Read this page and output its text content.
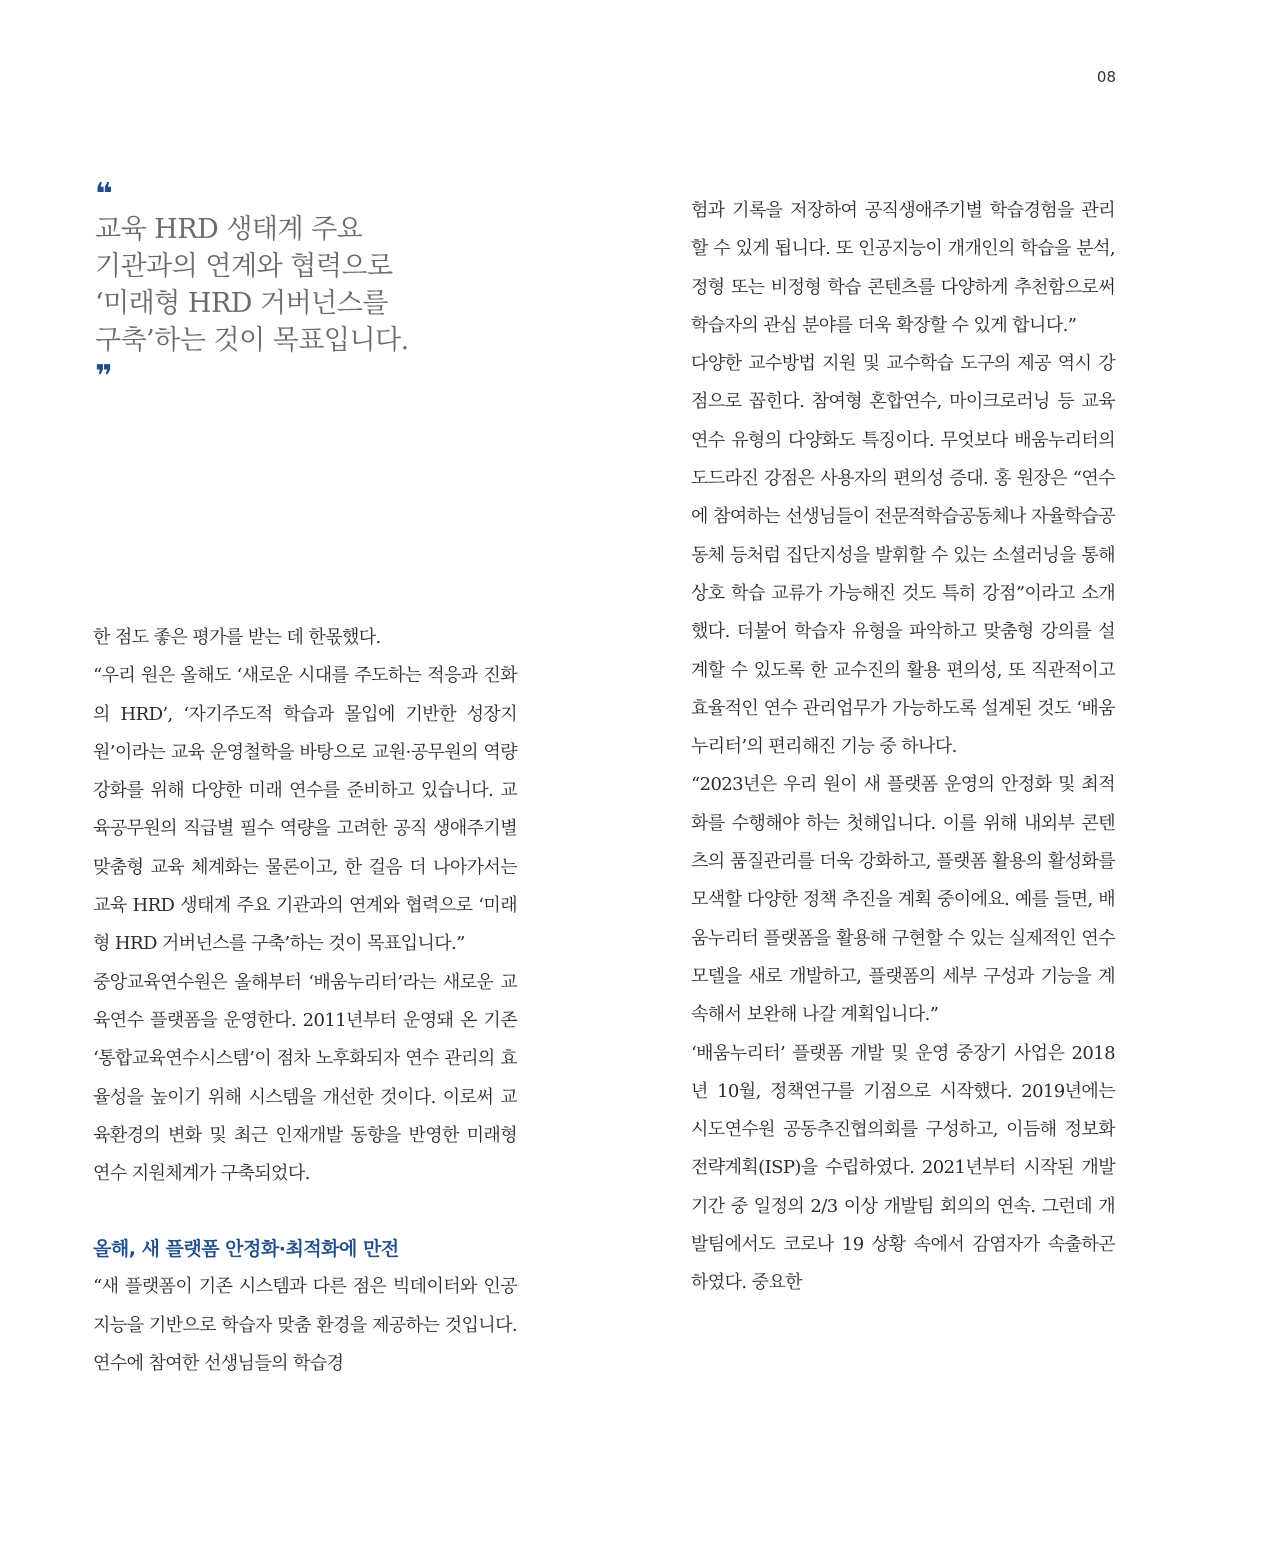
08
❝

교육 HRD 생태계 주요
기관과의 연계와 협력으로
‘미래형 HRD 거버넌스를
구축’하는 것이 목표입니다.

❞

한 점도 좋은 평가를 받는 데 한몫했다.

“우리 원은 올해도 ‘새로운 시대를 주도하는 적응과 진화의 HRD’, ‘자기주도적 학습과 몰입에 기반한 성장지원’이라는 교육 운영철학을 바탕으로 교원·공무원의 역량 강화를 위해 다양한 미래 연수를 준비하고 있습니다. 교육공무원의 직급별 필수 역량을 고려한 공직 생애주기별 맞춤형 교육 체계화는 물론이고, 한 걸음 더 나아가서는 교육 HRD 생태계 주요 기관과의 연계와 협력으로 ‘미래형 HRD 거버넌스를 구축’하는 것이 목표입니다.”

중앙교육연수원은 올해부터 ‘배움누리터’라는 새로운 교육연수 플랫폼을 운영한다. 2011년부터 운영돼 온 기존 ‘통합교육연수시스템’이 점차 노후화되자 연수 관리의 효율성을 높이기 위해 시스템을 개선한 것이다. 이로써 교육환경의 변화 및 최근 인재개발 동향을 반영한 미래형 연수 지원체계가 구축되었다.

올해, 새 플랫폼 안정화·최적화에 만전

“새 플랫폼이 기존 시스템과 다른 점은 빅데이터와 인공지능을 기반으로 학습자 맞춤 환경을 제공하는 것입니다. 연수에 참여한 선생님들의 학습경

험과 기록을 저장하여 공직생애주기별 학습경험을 관리할 수 있게 됩니다. 또 인공지능이 개개인의 학습을 분석, 정형 또는 비정형 학습 콘텐츠를 다양하게 추천함으로써 학습자의 관심 분야를 더욱 확장할 수 있게 합니다.”

다양한 교수방법 지원 및 교수학습 도구의 제공 역시 강점으로 꼽힌다. 참여형 혼합연수, 마이크로러닝 등 교육연수 유형의 다양화도 특징이다. 무엇보다 배움누리터의 도드라진 강점은 사용자의 편의성 증대. 홍 원장은 “연수에 참여하는 선생님들이 전문적학습공동체나 자율학습공동체 등처럼 집단지성을 발휘할 수 있는 소셜러닝을 통해 상호 학습 교류가 가능해진 것도 특히 강점”이라고 소개했다. 더불어 학습자 유형을 파악하고 맞춤형 강의를 설계할 수 있도록 한 교수진의 활용 편의성, 또 직관적이고 효율적인 연수 관리업무가 가능하도록 설계된 것도 ‘배움누리터’의 편리해진 기능 중 하나다.

“2023년은 우리 원이 새 플랫폼 운영의 안정화 및 최적화를 수행해야 하는 첫해입니다. 이를 위해 내외부 콘텐츠의 품질관리를 더욱 강화하고, 플랫폼 활용의 활성화를 모색할 다양한 정책 추진을 계획 중이에요. 예를 들면, 배움누리터 플랫폼을 활용해 구현할 수 있는 실제적인 연수모델을 새로 개발하고, 플랫폼의 세부 구성과 기능을 계속해서 보완해 나갈 계획입니다.”

‘배움누리터’ 플랫폼 개발 및 운영 중장기 사업은 2018년 10월, 정책연구를 기점으로 시작했다. 2019년에는 시도연수원 공동추진협의회를 구성하고, 이듬해 정보화전략계획(ISP)을 수립하였다. 2021년부터 시작된 개발 기간 중 일정의 2/3 이상 개발팀 회의의 연속. 그런데 개발팀에서도 코로나 19 상황 속에서 감염자가 속출하곤 하였다. 중요한
